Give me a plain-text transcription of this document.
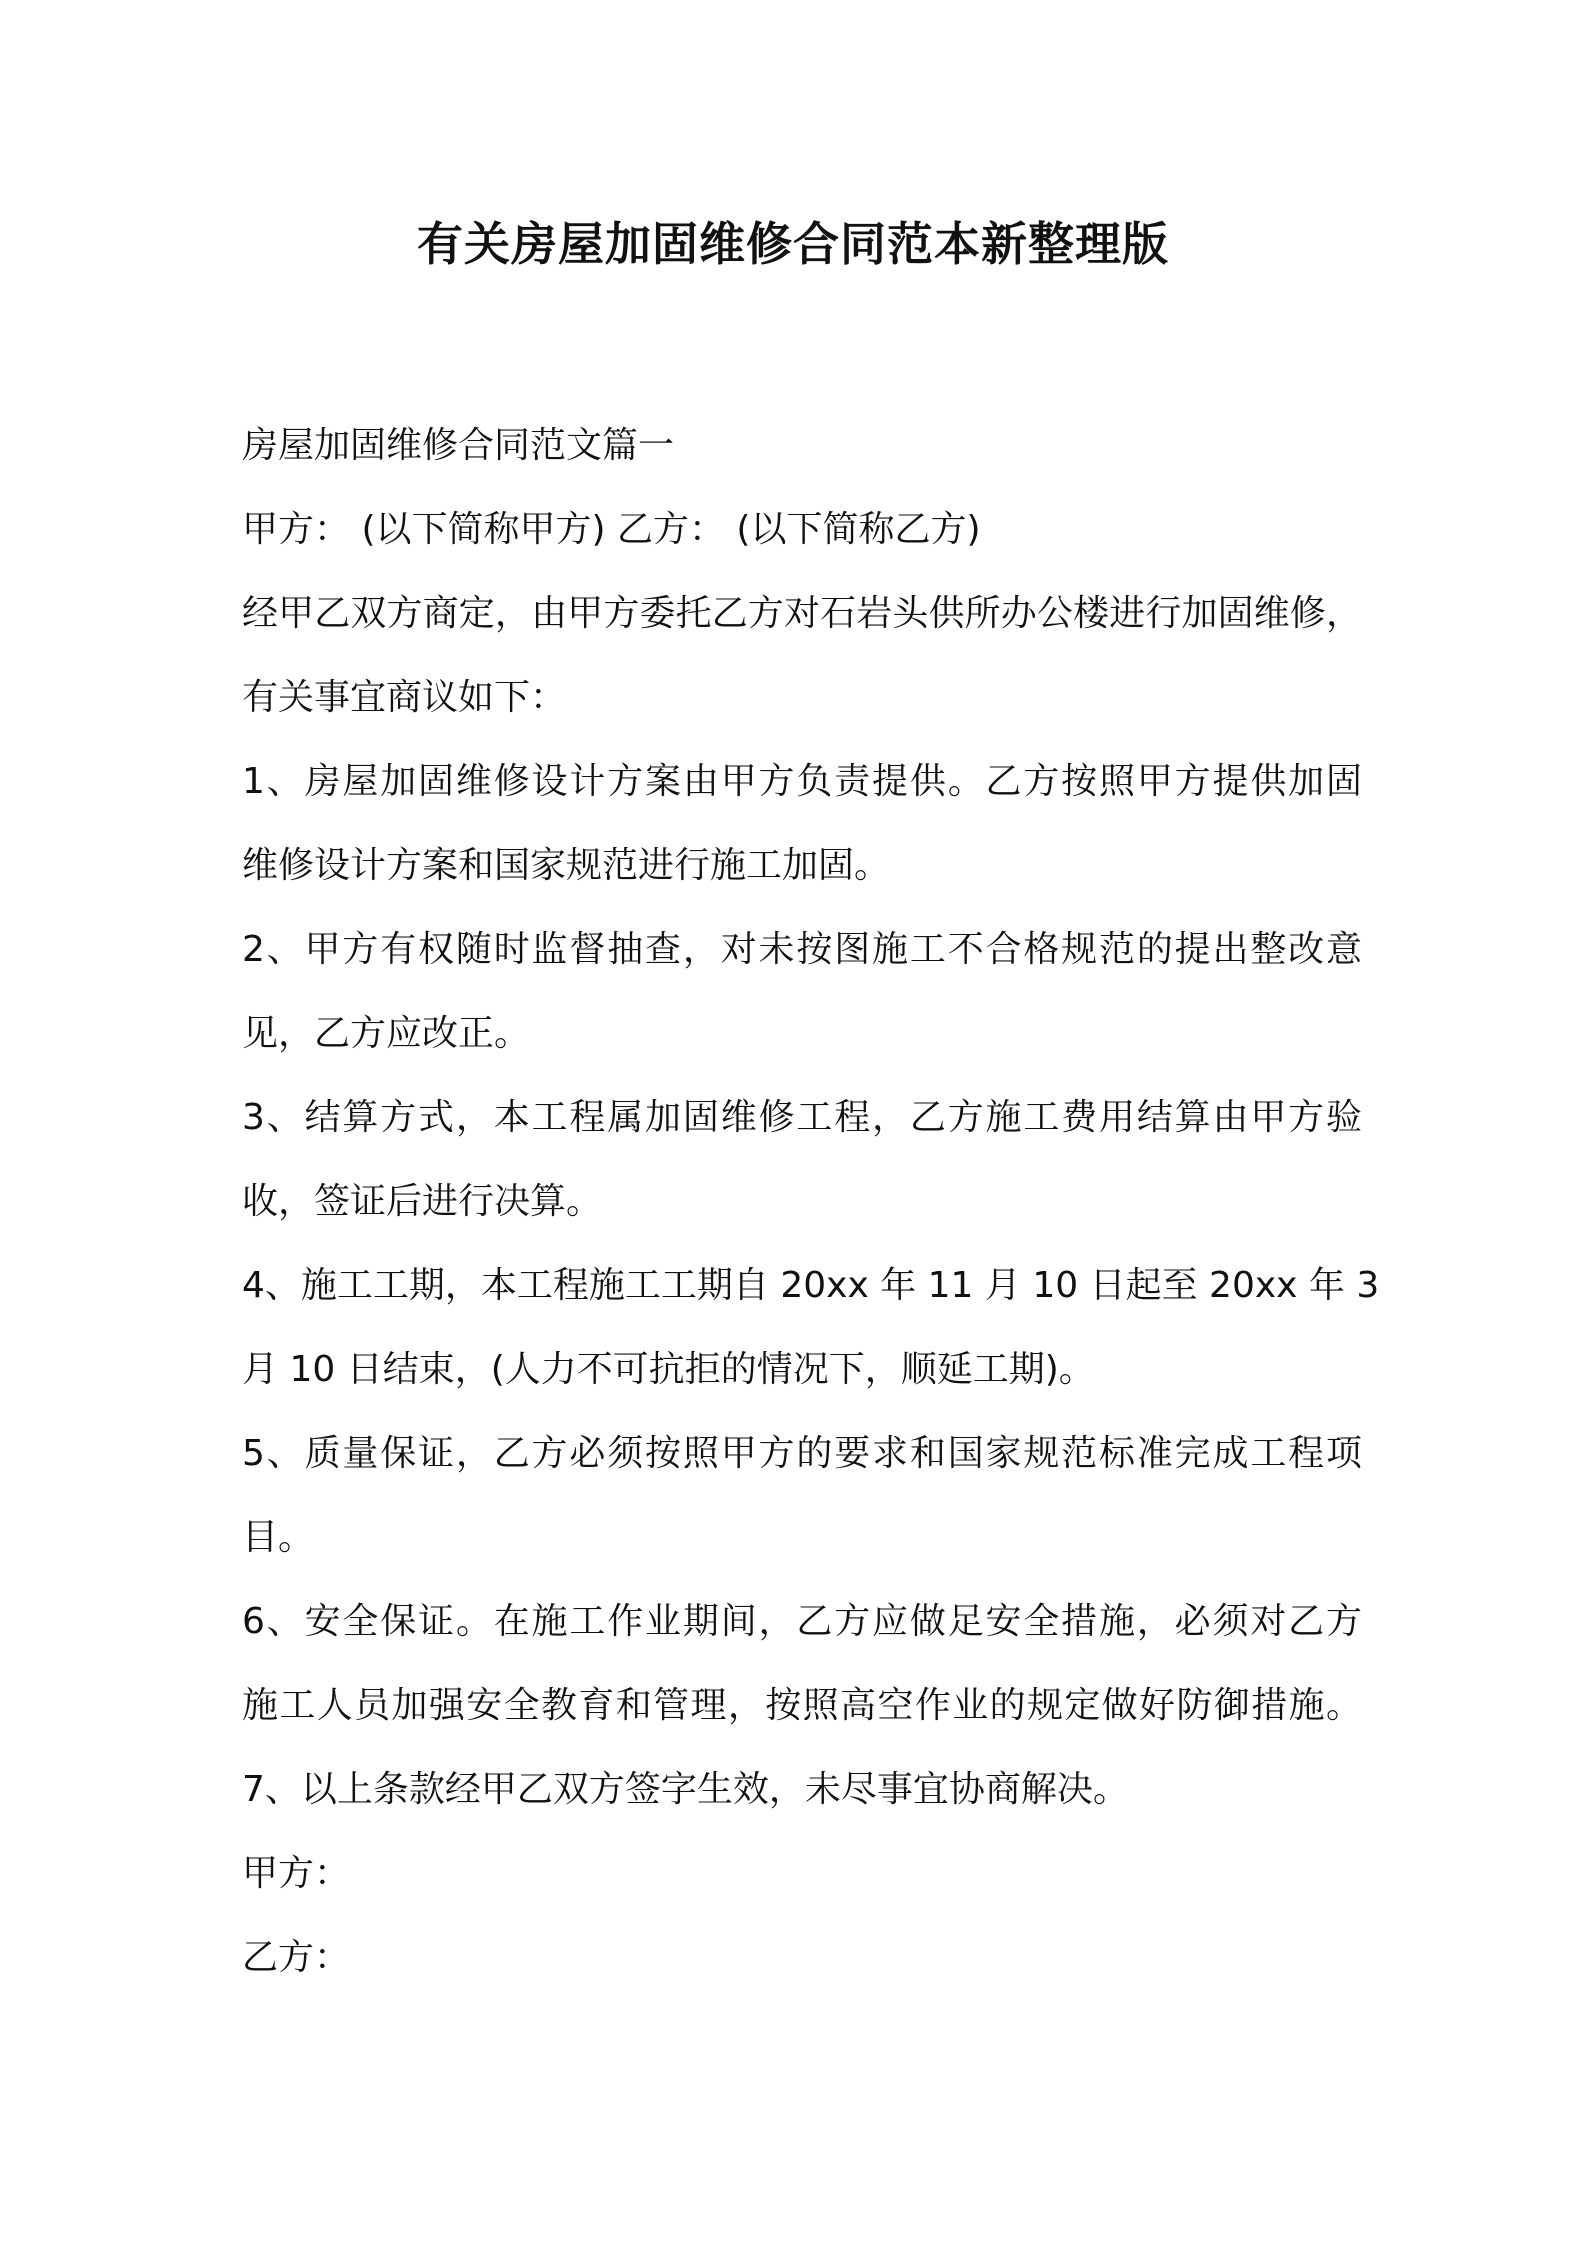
有关房屋加固维修合同范本新整理版
房屋加固维修合同范文篇一
甲方： (以下简称甲方) 乙方： (以下简称乙方)
经甲乙双方商定，由甲方委托乙方对石岩头供所办公楼进行加固维修，
有关事宜商议如下：
1、房屋加固维修设计方案由甲方负责提供。乙方按照甲方提供加固
维修设计方案和国家规范进行施工加固。
2、甲方有权随时监督抽查，对未按图施工不合格规范的提出整改意
见，乙方应改正。
3、结算方式，本工程属加固维修工程，乙方施工费用结算由甲方验
收，签证后进行决算。
4、施工工期，本工程施工工期自 20xx 年 11 月 10 日起至 20xx 年 3
月 10 日结束，(人力不可抗拒的情况下，顺延工期)。
5、质量保证，乙方必须按照甲方的要求和国家规范标准完成工程项
目。
6、安全保证。在施工作业期间，乙方应做足安全措施，必须对乙方
施工人员加强安全教育和管理，按照高空作业的规定做好防御措施。
7、以上条款经甲乙双方签字生效，未尽事宜协商解决。
甲方：
乙方：
